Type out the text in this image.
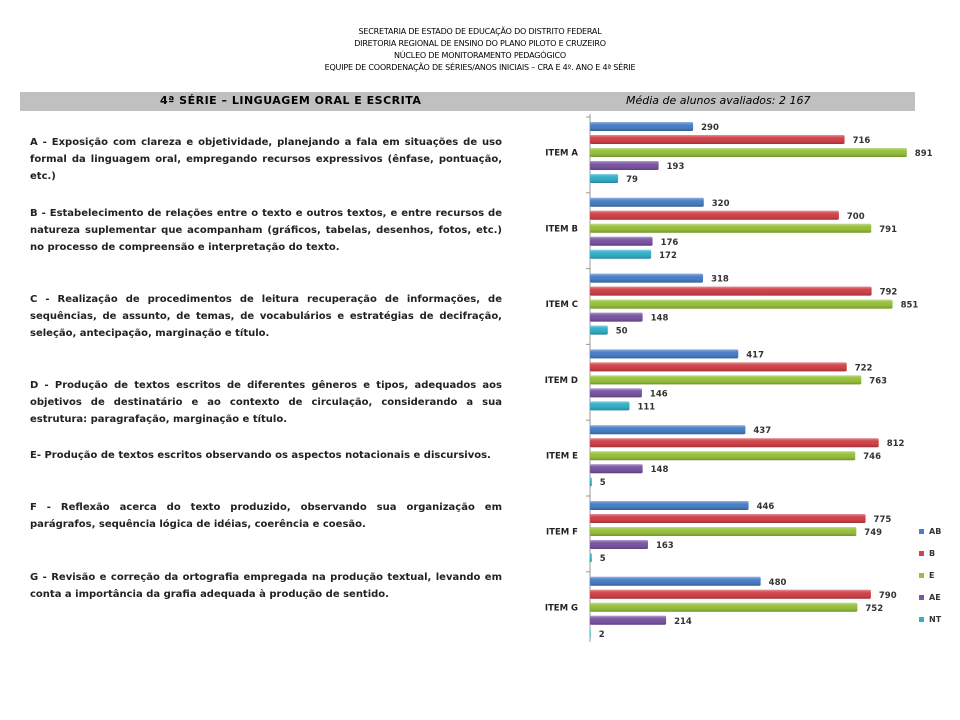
SECRETARIA DE ESTADO DE EDUCAÇÃO DO DISTRITO FEDERAL
DIRETORIA REGIONAL DE ENSINO DO PLANO PILOTO E CRUZEIRO
NÚCLEO DE MONITORAMENTO PEDAGÓGICO
EQUIPE DE COORDENAÇÃO DE SÉRIES/ANOS INICIAIS – CRA E 4º. ANO E 4ª SÉRIE
4ª SÉRIE – LINGUAGEM ORAL E ESCRITA	Média de alunos avaliados: 2 167
A - Exposição com clareza e objetividade, planejando a fala em situações de uso formal da linguagem oral, empregando recursos expressivos (ênfase, pontuação, etc.)
B - Estabelecimento de relações entre o texto e outros textos, e entre recursos de natureza suplementar que acompanham (gráficos, tabelas, desenhos, fotos, etc.) no processo de compreensão e interpretação do texto.
C - Realização de procedimentos de leitura recuperação de informações, de sequências, de assunto, de temas, de vocabulários e estratégias de decifração, seleção, antecipação, marginação e título.
D - Produção de textos escritos de diferentes gêneros e tipos, adequados aos objetivos de destinatário e ao contexto de circulação, considerando a sua estrutura: paragrafação, marginação e título.
E- Produção de textos escritos observando os aspectos notacionais e discursivos.
F - Reflexão acerca do texto produzido, observando sua organização em parágrafos, sequência lógica de idéias, coerência e coesão.
G - Revisão e correção da ortografia empregada na produção textual, levando em conta a importância da grafia adequada à produção de sentido.
ITEM A
290
716
891
193
79
ITEM B
320
700
791
176
172
ITEM C
318
792
851
148
50
ITEM D
417
722
763
146
111
ITEM E
437
812
746
148
5
ITEM F
446
775
749
163
5
ITEM G
480
790
752
214
2
AB
B
E
AE
NT
